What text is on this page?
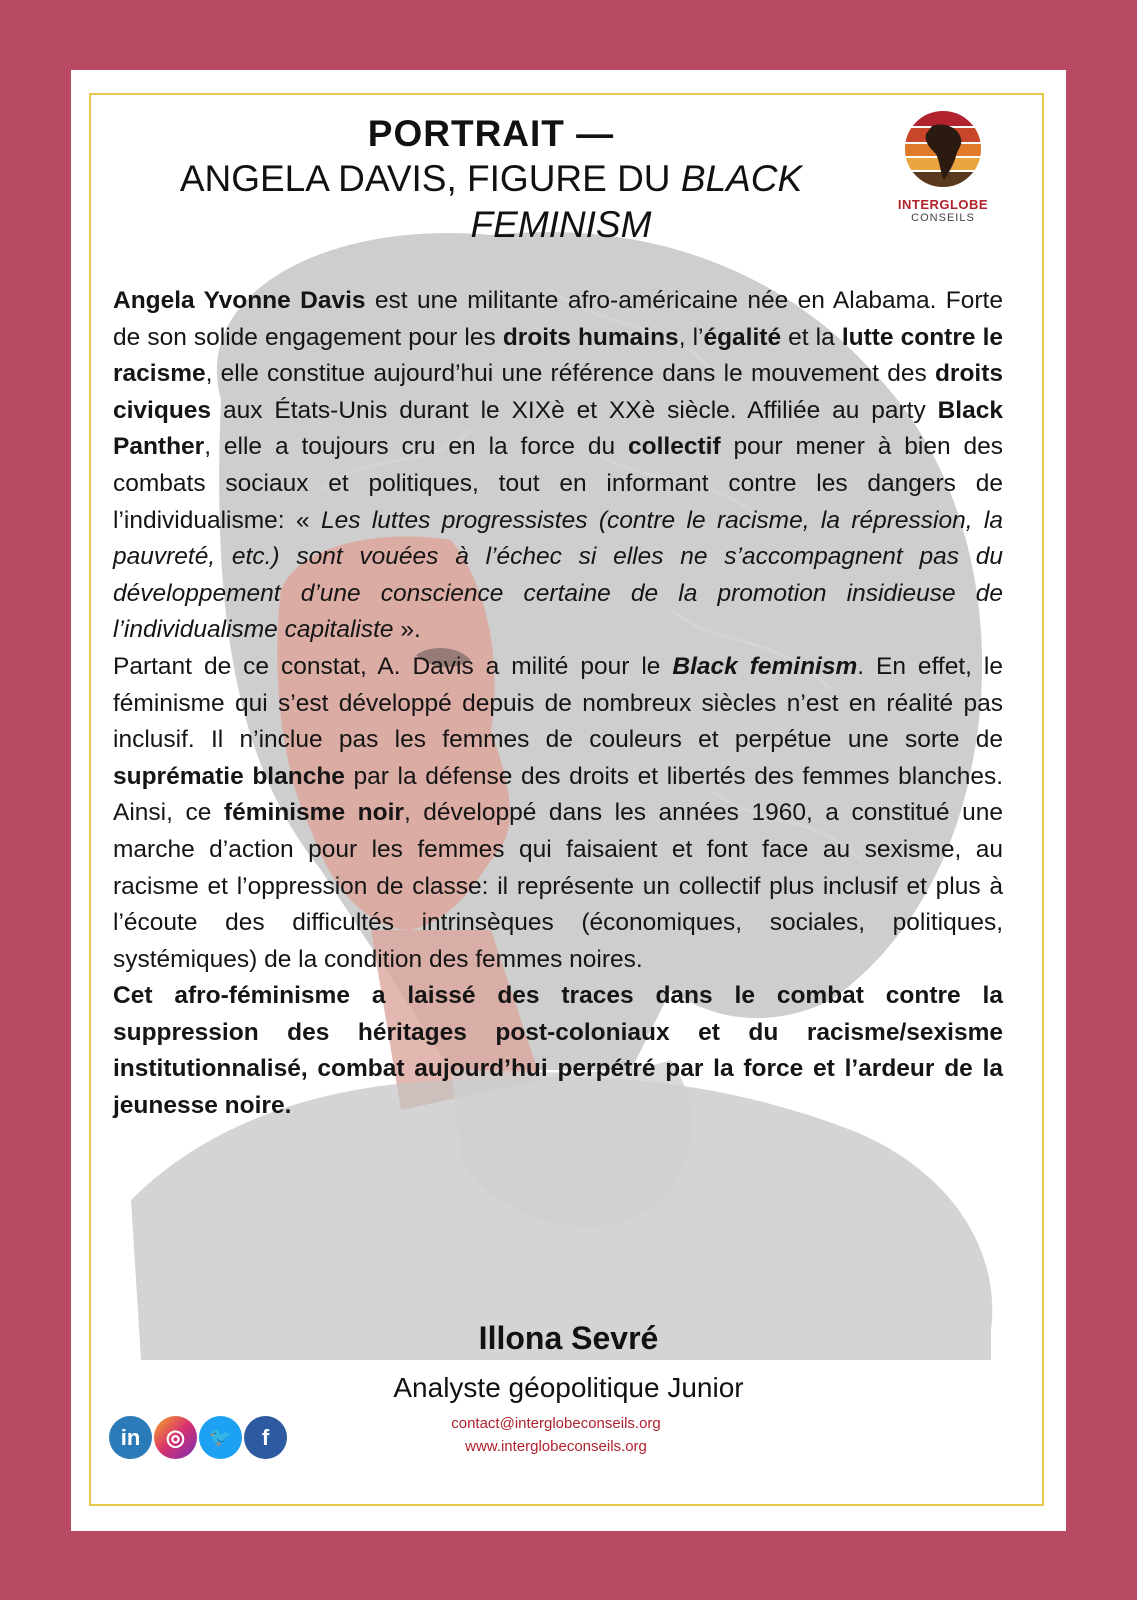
PORTRAIT —
ANGELA DAVIS, FIGURE DU BLACK
FEMINISM	INTERGLOBE
CONSEILS

Angela Yvonne Davis est une militante afro-américaine née en Alabama. Forte de son solide engagement pour les droits humains, l’égalité et la lutte contre le racisme, elle constitue aujourd’hui une référence dans le mouvement des droits civiques aux États-Unis durant le XIXè et XXè siècle. Affiliée au party Black Panther, elle a toujours cru en la force du collectif pour mener à bien des combats sociaux et politiques, tout en informant contre les dangers de l’individualisme: « Les luttes progressistes (contre le racisme, la répression, la pauvreté, etc.) sont vouées à l’échec si elles ne s’accompagnent pas du développement d’une conscience certaine de la promotion insidieuse de l’individualisme capitaliste ».

Partant de ce constat, A. Davis a milité pour le Black feminism. En effet, le féminisme qui s’est développé depuis de nombreux siècles n’est en réalité pas inclusif. Il n’inclue pas les femmes de couleurs et perpétue une sorte de suprématie blanche par la défense des droits et libertés des femmes blanches. Ainsi, ce féminisme noir, développé dans les années 1960, a constitué une marche d’action pour les femmes qui faisaient et font face au sexisme, au racisme et l’oppression de classe: il représente un collectif plus inclusif et plus à l’écoute des difficultés intrinsèques (économiques, sociales, politiques, systémiques) de la condition des femmes noires.

Cet afro-féminisme a laissé des traces dans le combat contre la suppression des héritages post-coloniaux et du racisme/sexisme institutionnalisé, combat aujourd’hui perpétré par la force et l’ardeur de la jeunesse noire.

Illona Sevré
Analyste géopolitique Junior
in ◎ 🐦 f
contact@interglobeconseils.org
www.interglobeconseils.org
